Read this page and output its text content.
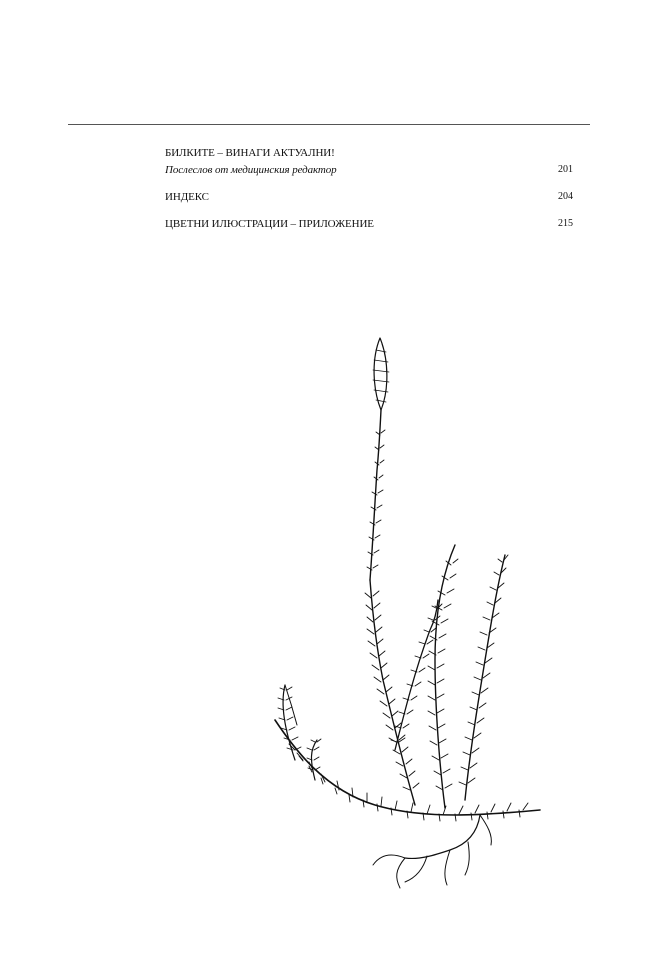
БИЛКИТЕ – ВИНАГИ АКТУАЛНИ!
Послеслов от медицинския редактор	201
ИНДЕКС	204
ЦВЕТНИ ИЛЮСТРАЦИИ – ПРИЛОЖЕНИЕ	215
